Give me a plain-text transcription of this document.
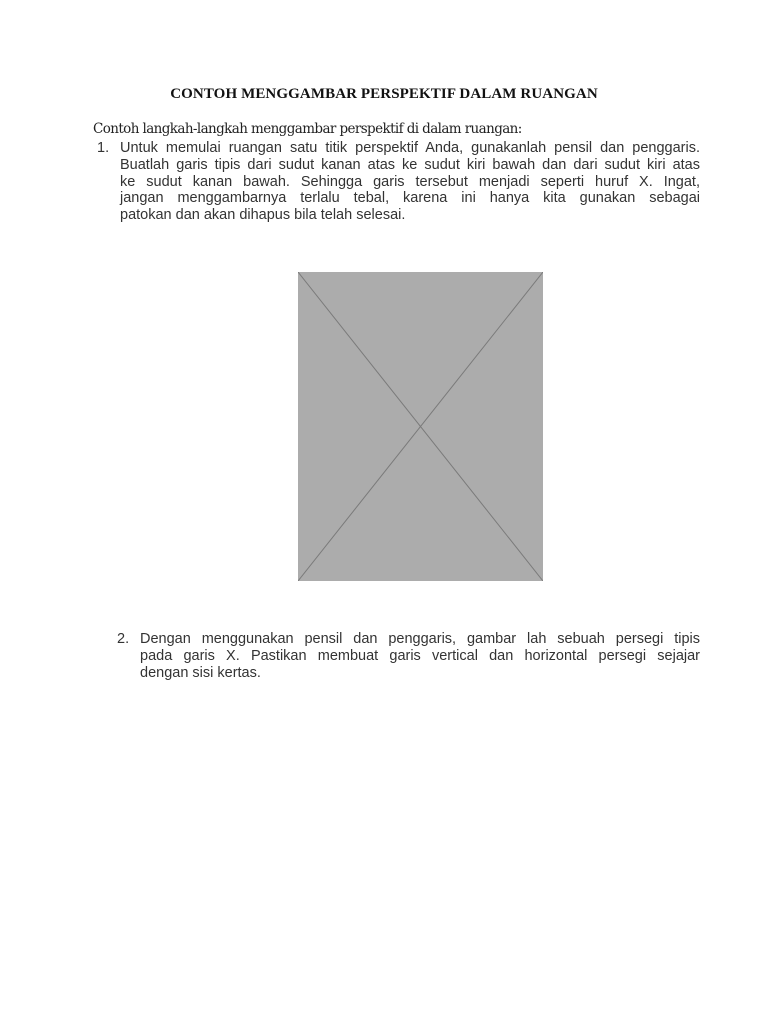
CONTOH MENGGAMBAR PERSPEKTIF DALAM RUANGAN
Contoh langkah-langkah menggambar perspektif di dalam ruangan:
1. Untuk memulai ruangan satu titik perspektif Anda, gunakanlah pensil dan penggaris.
Buatlah garis tipis dari sudut kanan atas ke sudut kiri bawah dan dari sudut kiri atas
ke sudut kanan bawah. Sehingga garis tersebut menjadi seperti huruf X. Ingat,
jangan menggambarnya terlalu tebal, karena ini hanya kita gunakan sebagai
patokan dan akan dihapus bila telah selesai.
2. Dengan menggunakan pensil dan penggaris, gambar lah sebuah persegi tipis
pada garis X. Pastikan membuat garis vertical dan horizontal persegi sejajar
dengan sisi kertas.
